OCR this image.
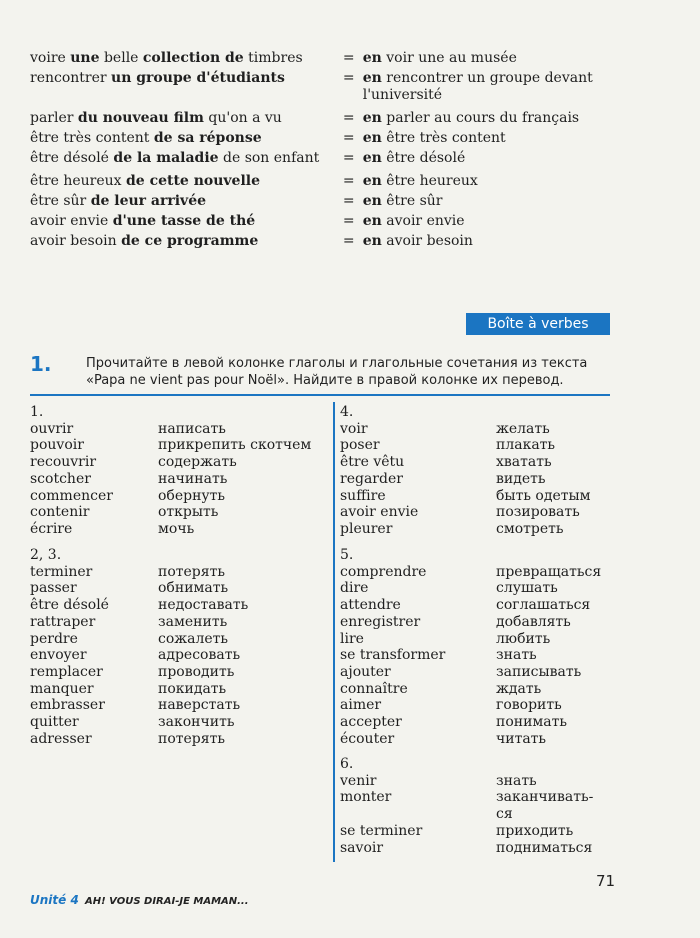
voire une belle collection de timbres	= en voir une au musée
rencontrer un groupe d'étudiants	= en rencontrer un groupe devant l'université
parler du nouveau film qu'on a vu	= en parler au cours du français
être très content de sa réponse	= en être très content
être désolé de la maladie de son enfant	= en être désolé
être heureux de cette nouvelle	= en être heureux
être sûr de leur arrivée	= en être sûr
avoir envie d'une tasse de thé	= en avoir envie
avoir besoin de ce programme	= en avoir besoin
Boîte à verbes
1.	Прочитайте в левой колонке глаголы и глагольные сочетания из текста «Papa ne vient pas pour Noël». Найдите в правой колонке их перевод.
1.
ouvrir	написать
pouvoir	прикрепить скотчем
recouvrir	содержать
scotcher	начинать
commencer	обернуть
contenir	открыть
écrire	мочь
2, 3.
terminer	потерять
passer	обнимать
être désolé	недоставать
rattraper	заменить
perdre	сожалеть
envoyer	адресовать
remplacer	проводить
manquer	покидать
embrasser	наверстать
quitter	закончить
adresser	потерять
4.
voir	желать
poser	плакать
être vêtu	хватать
regarder	видеть
suffire	быть одетым
avoir envie	позировать
pleurer	смотреть
5.
comprendre	превращаться
dire	слушать
attendre	соглашаться
enregistrer	добавлять
lire	любить
se transformer	знать
ajouter	записывать
connaître	ждать
aimer	говорить
accepter	понимать
écouter	читать
6.
venir	знать
monter	заканчивать-
ся
se terminer	приходить
savoir	подниматься
71
Unité 4 AH! VOUS DIRAI-JE MAMAN...
